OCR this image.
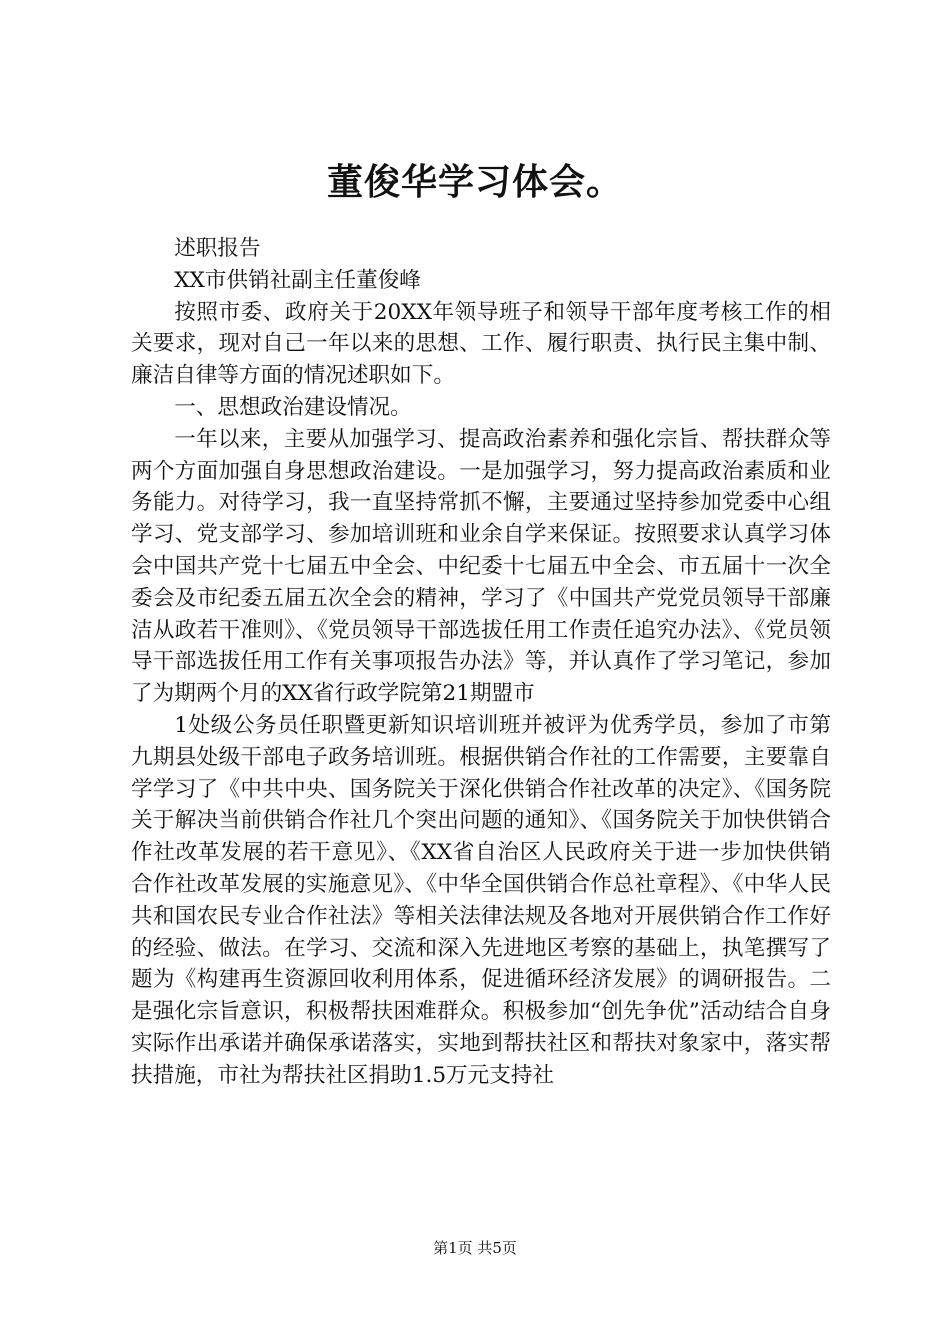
董俊华学习体会。

述职报告

XX市供销社副主任董俊峰

按照市委、政府关于20XX年领导班子和领导干部年度考核工作的相关要求，现对自己一年以来的思想、工作、履行职责、执行民主集中制、廉洁自律等方面的情况述职如下。

一、思想政治建设情况。

一年以来，主要从加强学习、提高政治素养和强化宗旨、帮扶群众等两个方面加强自身思想政治建设。一是加强学习，努力提高政治素质和业务能力。对待学习，我一直坚持常抓不懈，主要通过坚持参加党委中心组学习、党支部学习、参加培训班和业余自学来保证。按照要求认真学习体会中国共产党十七届五中全会、中纪委十七届五中全会、市五届十一次全委会及市纪委五届五次全会的精神，学习了《中国共产党党员领导干部廉洁从政若干准则》、《党员领导干部选拔任用工作责任追究办法》、《党员领导干部选拔任用工作有关事项报告办法》等，并认真作了学习笔记，参加了为期两个月的XX省行政学院第21期盟市

1处级公务员任职暨更新知识培训班并被评为优秀学员，参加了市第九期县处级干部电子政务培训班。根据供销合作社的工作需要，主要靠自学学习了《中共中央、国务院关于深化供销合作社改革的决定》、《国务院关于解决当前供销合作社几个突出问题的通知》、《国务院关于加快供销合作社改革发展的若干意见》、《XX省自治区人民政府关于进一步加快供销合作社改革发展的实施意见》、《中华全国供销合作总社章程》、《中华人民共和国农民专业合作社法》等相关法律法规及各地对开展供销合作工作好的经验、做法。在学习、交流和深入先进地区考察的基础上，执笔撰写了题为《构建再生资源回收利用体系，促进循环经济发展》的调研报告。二是强化宗旨意识，积极帮扶困难群众。积极参加“创先争优”活动结合自身实际作出承诺并确保承诺落实，实地到帮扶社区和帮扶对象家中，落实帮扶措施，市社为帮扶社区捐助1.5万元支持社

第1页 共5页
